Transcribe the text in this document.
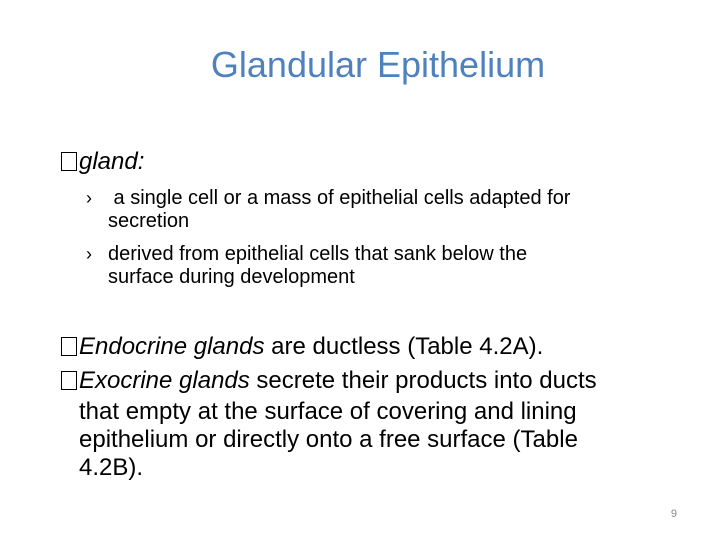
Glandular Epithelium
gland:
› a single cell or a mass of epithelial cells adapted for
secretion
› derived from epithelial cells that sank below the
surface during development
Endocrine glands are ductless (Table 4.2A).
Exocrine glands secrete their products into ducts
that empty at the surface of covering and lining
epithelium or directly onto a free surface (Table
4.2B).
9
